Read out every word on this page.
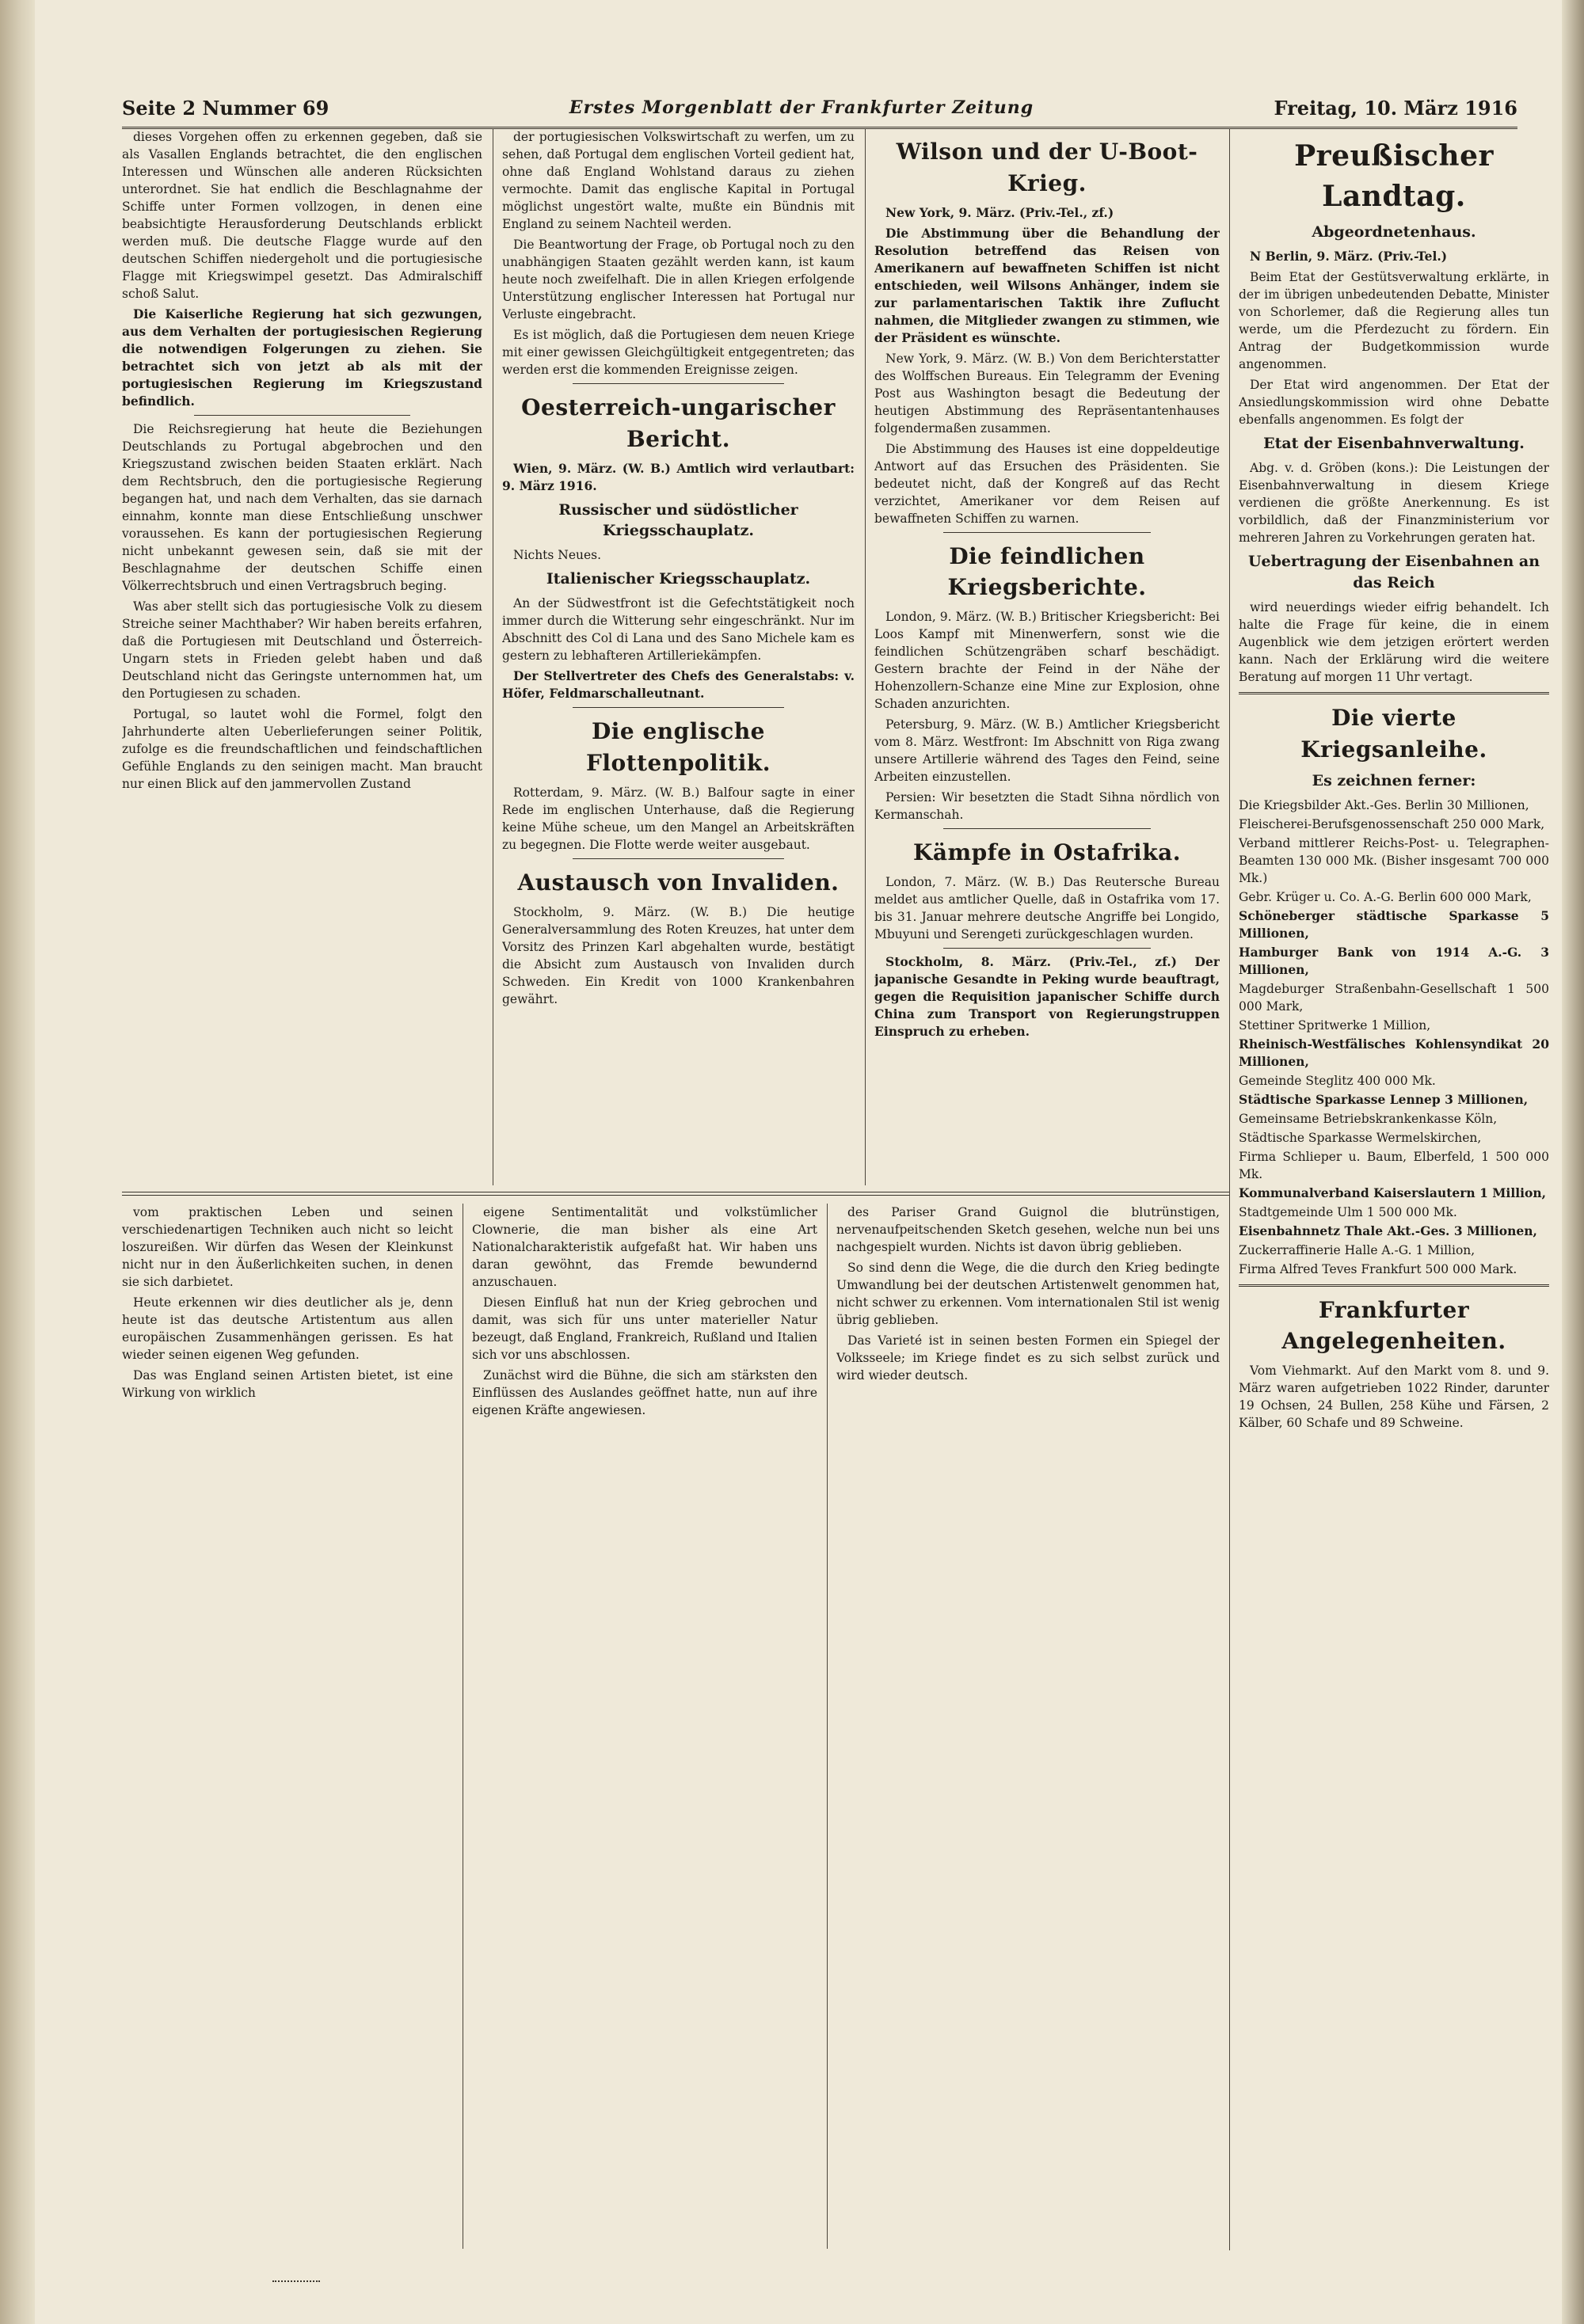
Seite 2 Nummer 69	Erstes Morgenblatt der Frankfurter Zeitung	Freitag, 10. März 1916

dieses Vorgehen offen zu erkennen gegeben, daß sie als Vasallen Englands betrachtet, die den englischen Interessen und Wünschen alle anderen Rücksichten unterordnet. Sie hat endlich die Beschlagnahme der Schiffe unter Formen vollzogen, in denen eine beabsichtigte Herausforderung Deutschlands erblickt werden muß. Die deutsche Flagge wurde auf den deutschen Schiffen niedergeholt und die portugiesische Flagge mit Kriegswimpel gesetzt. Das Admiralschiff schoß Salut.

Die Kaiserliche Regierung hat sich gezwungen, aus dem Verhalten der portugiesischen Regierung die notwendigen Folgerungen zu ziehen. Sie betrachtet sich von jetzt ab als mit der portugiesischen Regierung im Kriegszustand befindlich.

Die Reichsregierung hat heute die Beziehungen Deutschlands zu Portugal abgebrochen und den Kriegszustand zwischen beiden Staaten erklärt. Nach dem Rechtsbruch, den die portugiesische Regierung begangen hat, und nach dem Verhalten, das sie darnach einnahm, konnte man diese Entschließung unschwer voraussehen. Es kann der portugiesischen Regierung nicht unbekannt gewesen sein, daß sie mit der Beschlagnahme der deutschen Schiffe einen Völkerrechtsbruch und einen Vertragsbruch beging.

Was aber stellt sich das portugiesische Volk zu diesem Streiche seiner Machthaber? Wir haben bereits erfahren, daß die Portugiesen mit Deutschland und Österreich-Ungarn stets in Frieden gelebt haben und daß Deutschland nicht das Geringste unternommen hat, um den Portugiesen zu schaden.

Portugal, so lautet wohl die Formel, folgt den Jahrhunderte alten Ueberlieferungen seiner Politik, zufolge es die freundschaftlichen und feindschaftlichen Gefühle Englands zu den seinigen macht. Man braucht nur einen Blick auf den jammervollen Zustand

der portugiesischen Volkswirtschaft zu werfen, um zu sehen, daß Portugal dem englischen Vorteil gedient hat, ohne daß England Wohlstand daraus zu ziehen vermochte. Damit das englische Kapital in Portugal möglichst ungestört walte, mußte ein Bündnis mit England zu seinem Nachteil werden.

Die Beantwortung der Frage, ob Portugal noch zu den unabhängigen Staaten gezählt werden kann, ist kaum heute noch zweifelhaft. Die in allen Kriegen erfolgende Unterstützung englischer Interessen hat Portugal nur Verluste eingebracht.

Es ist möglich, daß die Portugiesen dem neuen Kriege mit einer gewissen Gleichgültigkeit entgegentreten; das werden erst die kommenden Ereignisse zeigen.

Oesterreich-ungarischer Bericht.

Wien, 9. März. (W. B.) Amtlich wird verlautbart: 9. März 1916.

Russischer und südöstlicher Kriegsschauplatz.

Nichts Neues.

Italienischer Kriegsschauplatz.

An der Südwestfront ist die Gefechtstätigkeit noch immer durch die Witterung sehr eingeschränkt. Nur im Abschnitt des Col di Lana und des Sano Michele kam es gestern zu lebhafteren Artilleriekämpfen.

Der Stellvertreter des Chefs des Generalstabs: v. Höfer, Feldmarschalleutnant.

Die englische Flottenpolitik.

Rotterdam, 9. März. (W. B.) Balfour sagte in einer Rede im englischen Unterhause, daß die Regierung keine Mühe scheue, um den Mangel an Arbeitskräften zu begegnen. Die Flotte werde weiter ausgebaut.

Austausch von Invaliden.

Stockholm, 9. März. (W. B.) Die heutige Generalversammlung des Roten Kreuzes, hat unter dem Vorsitz des Prinzen Karl abgehalten wurde, bestätigt die Absicht zum Austausch von Invaliden durch Schweden. Ein Kredit von 1000 Krankenbahren gewährt.

Wilson und der U-Boot-Krieg.

New York, 9. März. (Priv.-Tel., zf.)

Die Abstimmung über die Behandlung der Resolution betreffend das Reisen von Amerikanern auf bewaffneten Schiffen ist nicht entschieden, weil Wilsons Anhänger, indem sie zur parlamentarischen Taktik ihre Zuflucht nahmen, die Mitglieder zwangen zu stimmen, wie der Präsident es wünschte.

New York, 9. März. (W. B.) Von dem Berichterstatter des Wolffschen Bureaus. Ein Telegramm der Evening Post aus Washington besagt die Bedeutung der heutigen Abstimmung des Repräsentantenhauses folgendermaßen zusammen.

Die Abstimmung des Hauses ist eine doppeldeutige Antwort auf das Ersuchen des Präsidenten. Sie bedeutet nicht, daß der Kongreß auf das Recht verzichtet, Amerikaner vor dem Reisen auf bewaffneten Schiffen zu warnen.

Die feindlichen Kriegsberichte.

London, 9. März. (W. B.) Britischer Kriegsbericht: Bei Loos Kampf mit Minenwerfern, sonst wie die feindlichen Schützengräben scharf beschädigt. Gestern brachte der Feind in der Nähe der Hohenzollern-Schanze eine Mine zur Explosion, ohne Schaden anzurichten.

Petersburg, 9. März. (W. B.) Amtlicher Kriegsbericht vom 8. März. Westfront: Im Abschnitt von Riga zwang unsere Artillerie während des Tages den Feind, seine Arbeiten einzustellen.

Persien: Wir besetzten die Stadt Sihna nördlich von Kermanschah.

Kämpfe in Ostafrika.

London, 7. März. (W. B.) Das Reutersche Bureau meldet aus amtlicher Quelle, daß in Ostafrika vom 17. bis 31. Januar mehrere deutsche Angriffe bei Longido, Mbuyuni und Serengeti zurückgeschlagen wurden.

Stockholm, 8. März. (Priv.-Tel., zf.) Der japanische Gesandte in Peking wurde beauftragt, gegen die Requisition japanischer Schiffe durch China zum Transport von Regierungstruppen Einspruch zu erheben.

Preußischer Landtag.
Abgeordnetenhaus.

N Berlin, 9. März. (Priv.-Tel.)

Beim Etat der Gestütsverwaltung erklärte, in der im übrigen unbedeutenden Debatte, Minister von Schorlemer, daß die Regierung alles tun werde, um die Pferdezucht zu fördern. Ein Antrag der Budgetkommission wurde angenommen.

Der Etat wird angenommen. Der Etat der Ansiedlungskommission wird ohne Debatte ebenfalls angenommen. Es folgt der

Etat der Eisenbahnverwaltung.

Abg. v. d. Gröben (kons.): Die Leistungen der Eisenbahnverwaltung in diesem Kriege verdienen die größte Anerkennung. Es ist vorbildlich, daß der Finanzministerium vor mehreren Jahren zu Vorkehrungen geraten hat.

Uebertragung der Eisenbahnen an das Reich

wird neuerdings wieder eifrig behandelt. Ich halte die Frage für keine, die in einem Augenblick wie dem jetzigen erörtert werden kann. Nach der Erklärung wird die weitere Beratung auf morgen 11 Uhr vertagt.

Die vierte Kriegsanleihe.
Es zeichnen ferner:

Die Kriegsbilder Akt.-Ges. Berlin 30 Millionen,

Fleischerei-Berufsgenossenschaft 250 000 Mark,

Verband mittlerer Reichs-Post- u. Telegraphen-Beamten 130 000 Mk. (Bisher insgesamt 700 000 Mk.)

Gebr. Krüger u. Co. A.-G. Berlin 600 000 Mark,

Schöneberger städtische Sparkasse 5 Millionen,

Hamburger Bank von 1914 A.-G. 3 Millionen,

Magdeburger Straßenbahn-Gesellschaft 1 500 000 Mark,

Stettiner Spritwerke 1 Million,

Rheinisch-Westfälisches Kohlensyndikat 20 Millionen,

Gemeinde Steglitz 400 000 Mk.

Städtische Sparkasse Lennep 3 Millionen,

Gemeinsame Betriebskrankenkasse Köln,

Städtische Sparkasse Wermelskirchen,

Firma Schlieper u. Baum, Elberfeld, 1 500 000 Mk.

Kommunalverband Kaiserslautern 1 Million,

Stadtgemeinde Ulm 1 500 000 Mk.

Eisenbahnnetz Thale Akt.-Ges. 3 Millionen,

Zuckerraffinerie Halle A.-G. 1 Million,

Firma Alfred Teves Frankfurt 500 000 Mark.

Frankfurter Angelegenheiten.

Vom Viehmarkt. Auf den Markt vom 8. und 9. März waren aufgetrieben 1022 Rinder, darunter 19 Ochsen, 24 Bullen, 258 Kühe und Färsen, 2 Kälber, 60 Schafe und 89 Schweine.

vom praktischen Leben und seinen verschiedenartigen Techniken auch nicht so leicht loszureißen. Wir dürfen das Wesen der Kleinkunst nicht nur in den Äußerlichkeiten suchen, in denen sie sich darbietet.

Heute erkennen wir dies deutlicher als je, denn heute ist das deutsche Artistentum aus allen europäischen Zusammenhängen gerissen. Es hat wieder seinen eigenen Weg gefunden.

Das was England seinen Artisten bietet, ist eine Wirkung von wirklich

eigene Sentimentalität und volkstümlicher Clownerie, die man bisher als eine Art Nationalcharakteristik aufgefaßt hat. Wir haben uns daran gewöhnt, das Fremde bewundernd anzuschauen.

Diesen Einfluß hat nun der Krieg gebrochen und damit, was sich für uns unter materieller Natur bezeugt, daß England, Frankreich, Rußland und Italien sich vor uns abschlossen.

Zunächst wird die Bühne, die sich am stärksten den Einflüssen des Auslandes geöffnet hatte, nun auf ihre eigenen Kräfte angewiesen.

des Pariser Grand Guignol die blutrünstigen, nervenaufpeitschenden Sketch gesehen, welche nun bei uns nachgespielt wurden. Nichts ist davon übrig geblieben.

So sind denn die Wege, die die durch den Krieg bedingte Umwandlung bei der deutschen Artistenwelt genommen hat, nicht schwer zu erkennen. Vom internationalen Stil ist wenig übrig geblieben.

Das Varieté ist in seinen besten Formen ein Spiegel der Volksseele; im Kriege findet es zu sich selbst zurück und wird wieder deutsch.
